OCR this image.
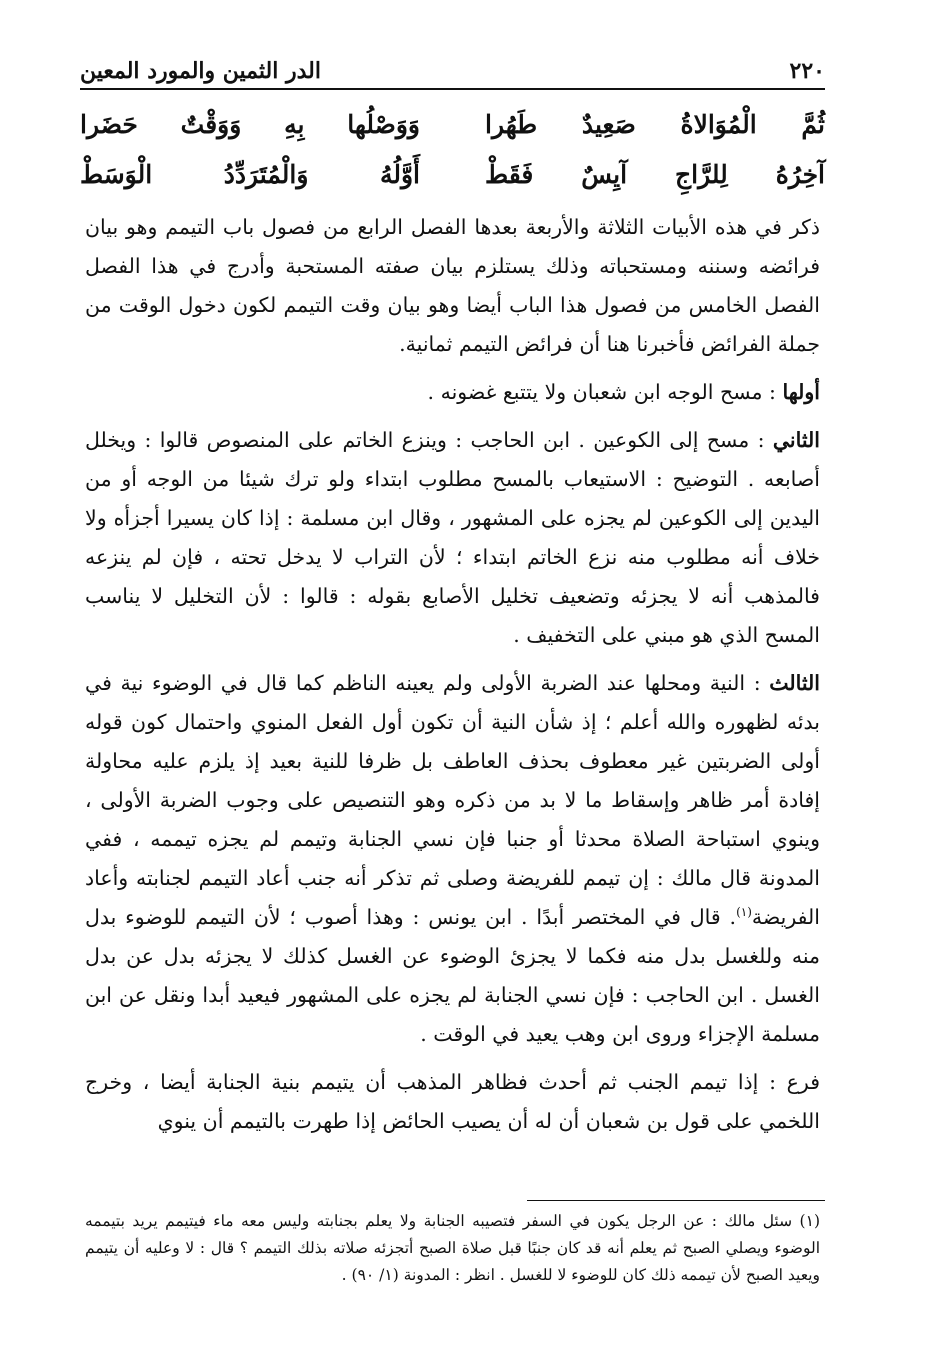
٢٢٠
الدر الثمين والمورد المعين
ثُمَّ الْمُوَالاةُ صَعِيدٌ طَهُرا
وَوَصْلُها بِهِ وَوَقْتٌ حَضَرا
آخِرُهُ لِلرَّاجِ آيِسٌ فَقَطْ
أَوَّلُهُ وَالْمُتَرَدِّدُ الْوَسَطْ

ذكر في هذه الأبيات الثلاثة والأربعة بعدها الفصل الرابع من فصول باب التيمم وهو بيان فرائضه وسننه ومستحباته وذلك يستلزم بيان صفته المستحبة وأدرج في هذا الفصل الفصل الخامس من فصول هذا الباب أيضا وهو بيان وقت التيمم لكون دخول الوقت من جملة الفرائض فأخبرنا هنا أن فرائض التيمم ثمانية.

أولها : مسح الوجه ابن شعبان ولا يتتبع غضونه .

الثاني : مسح إلى الكوعين . ابن الحاجب : وينزع الخاتم على المنصوص قالوا : ويخلل أصابعه . التوضيح : الاستيعاب بالمسح مطلوب ابتداء ولو ترك شيئا من الوجه أو من اليدين إلى الكوعين لم يجزه على المشهور ، وقال ابن مسلمة : إذا كان يسيرا أجزأه ولا خلاف أنه مطلوب منه نزع الخاتم ابتداء ؛ لأن التراب لا يدخل تحته ، فإن لم ينزعه فالمذهب أنه لا يجزئه وتضعيف تخليل الأصابع بقوله : قالوا : لأن التخليل لا يناسب المسح الذي هو مبني على التخفيف .

الثالث : النية ومحلها عند الضربة الأولى ولم يعينه الناظم كما قال في الوضوء نية في بدئه لظهوره والله أعلم ؛ إذ شأن النية أن تكون أول الفعل المنوي واحتمال كون قوله أولى الضربتين غير معطوف بحذف العاطف بل ظرفا للنية بعيد إذ يلزم عليه محاولة إفادة أمر ظاهر وإسقاط ما لا بد من ذكره وهو التنصيص على وجوب الضربة الأولى ، وينوي استباحة الصلاة محدثا أو جنبا فإن نسي الجنابة وتيمم لم يجزه تيممه ، ففي المدونة قال مالك : إن تيمم للفريضة وصلى ثم تذكر أنه جنب أعاد التيمم لجنابته وأعاد الفريضة$^{(١)}$. قال في المختصر أبدًا . ابن يونس : وهذا أصوب ؛ لأن التيمم للوضوء بدل منه وللغسل بدل منه فكما لا يجزئ الوضوء عن الغسل كذلك لا يجزئه بدل عن بدل الغسل . ابن الحاجب : فإن نسي الجنابة لم يجزه على المشهور فيعيد أبدا ونقل عن ابن مسلمة الإجزاء وروى ابن وهب يعيد في الوقت .

فرع : إذا تيمم الجنب ثم أحدث فظاهر المذهب أن يتيمم بنية الجنابة أيضا ، وخرج اللخمي على قول بن شعبان أن له أن يصيب الحائض إذا طهرت بالتيمم أن ينوي

(١) سئل مالك : عن الرجل يكون في السفر فتصيبه الجنابة ولا يعلم بجنابته وليس معه ماء فيتيمم يريد بتيممه الوضوء ويصلي الصبح ثم يعلم أنه قد كان جنبًا قبل صلاة الصبح أتجزئه صلاته بذلك التيمم ؟ قال : لا وعليه أن يتيمم ويعيد الصبح لأن تيممه ذلك كان للوضوء لا للغسل . انظر : المدونة (١/ ٩٠) .
